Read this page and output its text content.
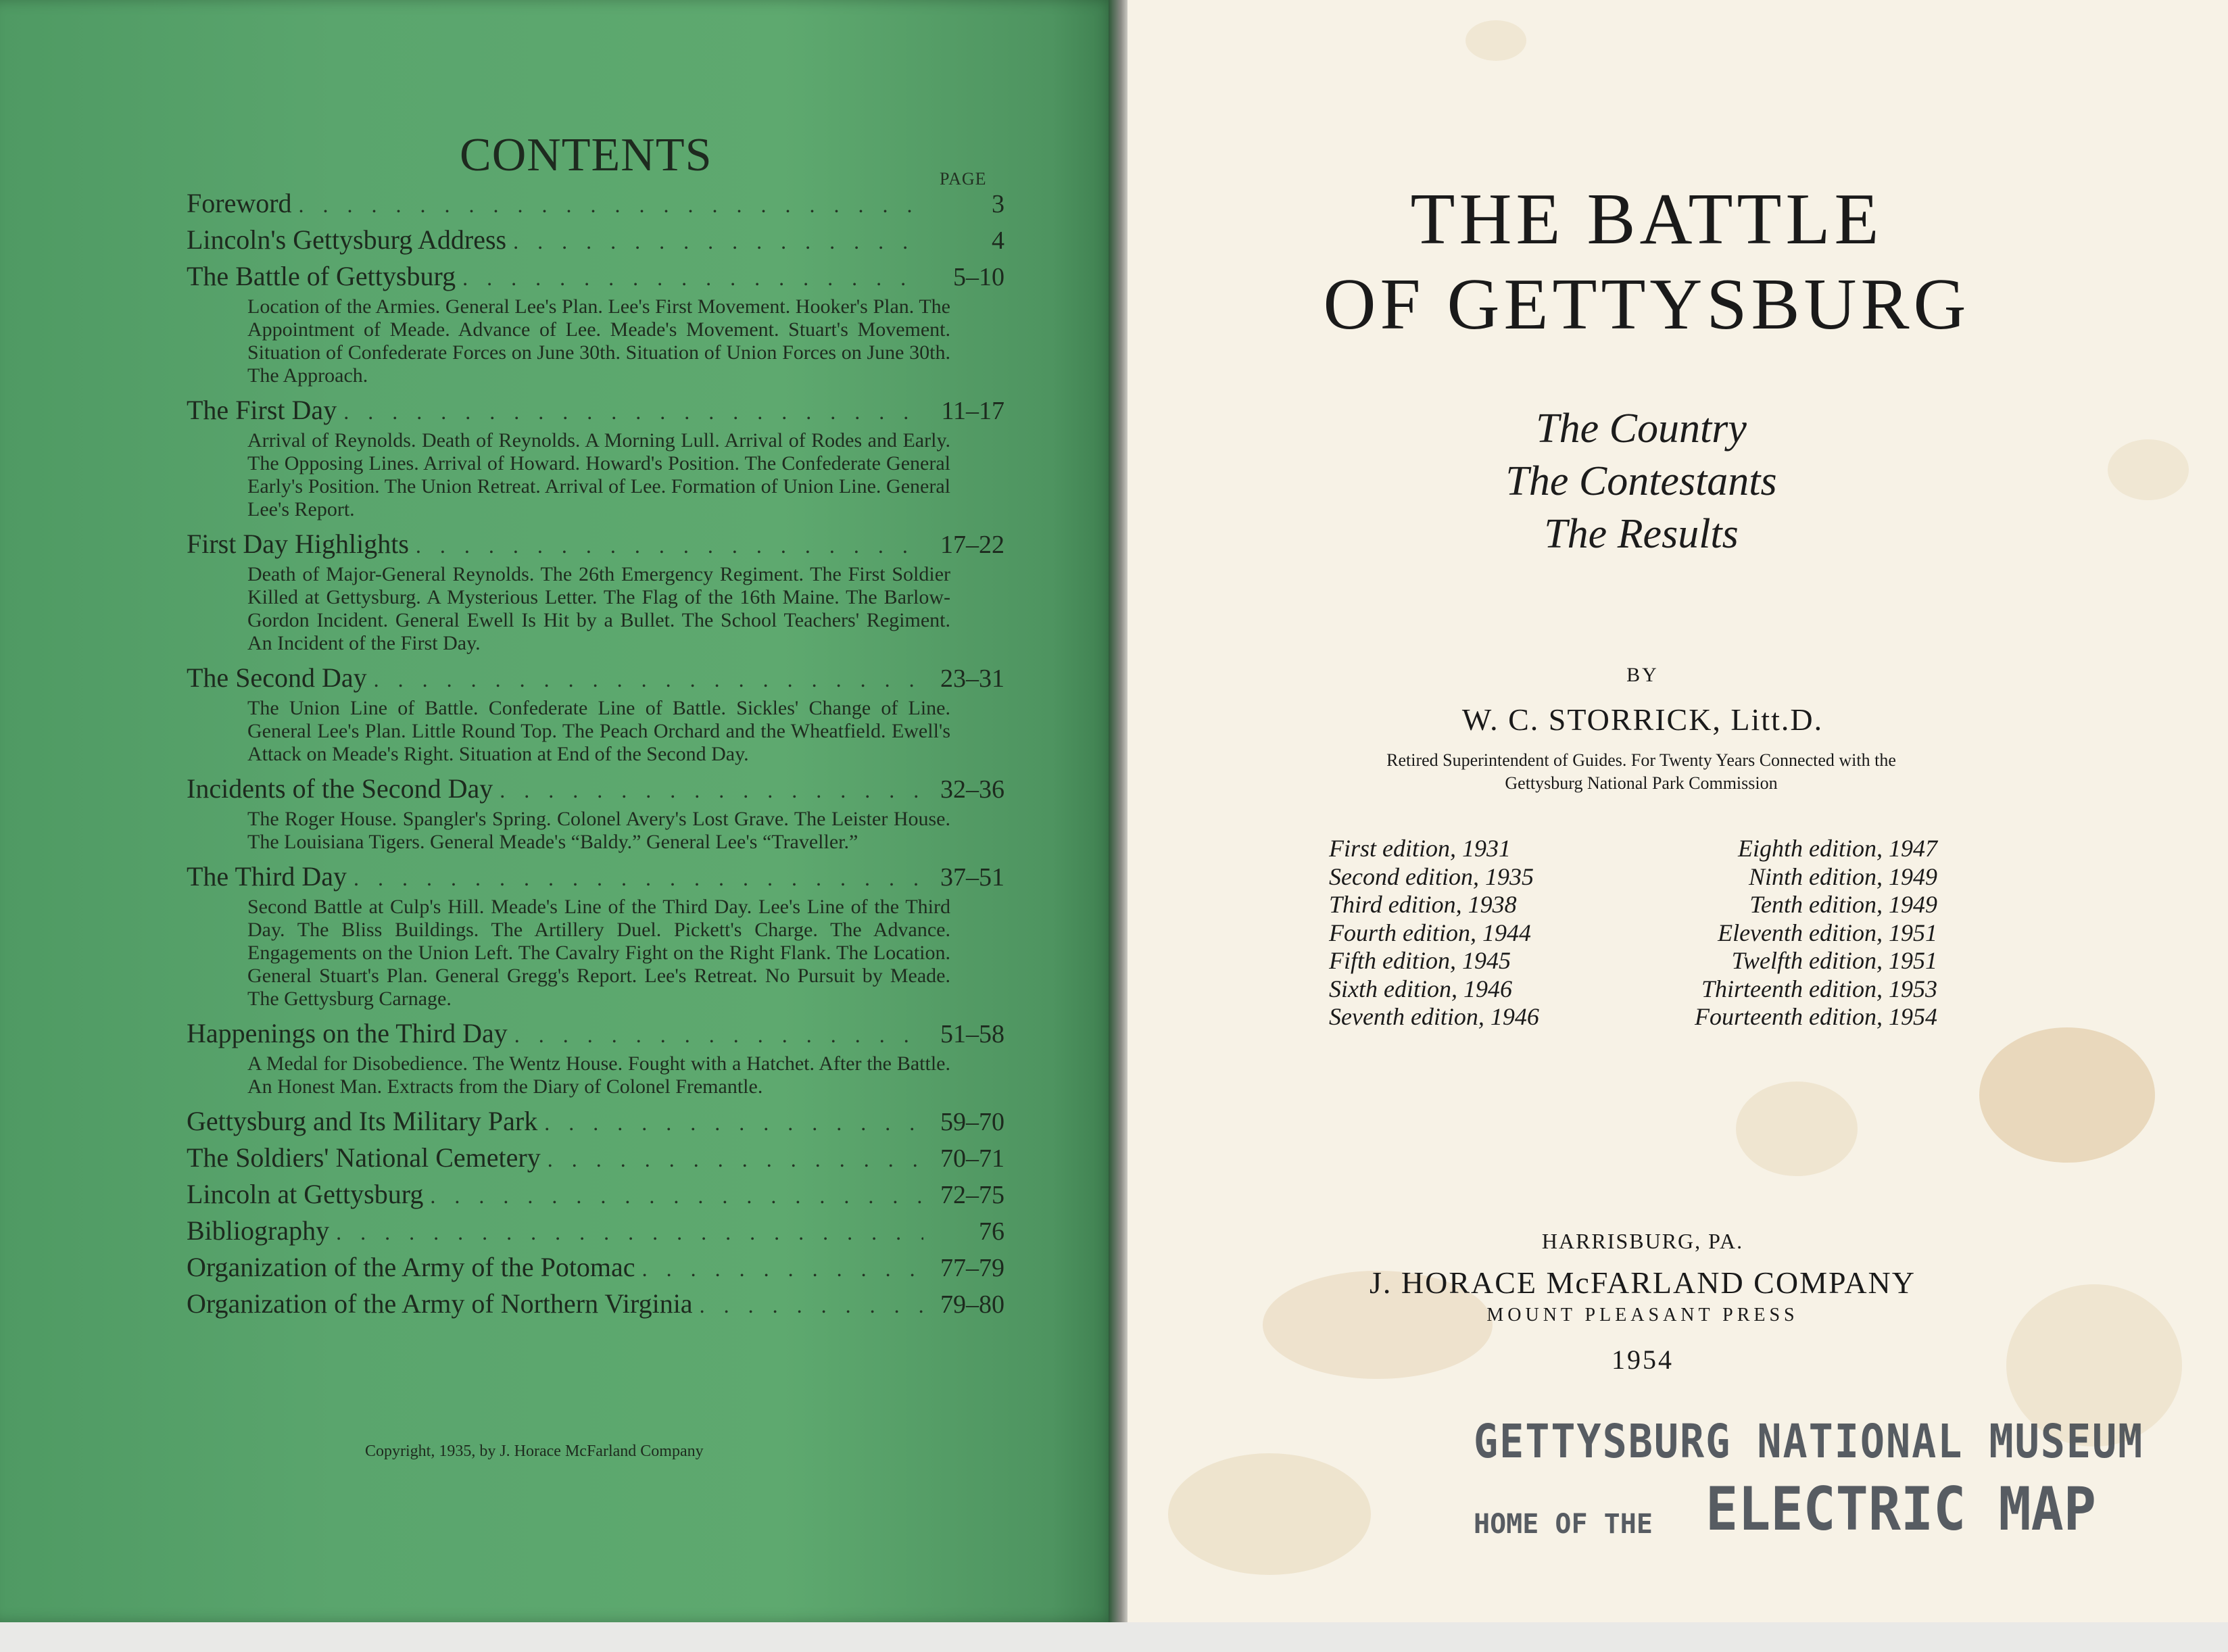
CONTENTS	PAGE
Foreword . . .	3
Lincoln's Gettysburg Address . . .	4
The Battle of Gettysburg . . .	5–10
Location of the Armies. General Lee's Plan. Lee's First Movement. Hooker's Plan. The Appointment of Meade. Advance of Lee. Meade's Movement. Stuart's Movement. Situation of Confederate Forces on June 30th. Situation of Union Forces on June 30th. The Approach.
The First Day . . .	11–17
Arrival of Reynolds. Death of Reynolds. A Morning Lull. Arrival of Rodes and Early. The Opposing Lines. Arrival of Howard. Howard's Position. The Confederate General Early's Position. The Union Retreat. Arrival of Lee. Formation of Union Line. General Lee's Report.
First Day Highlights . . .	17–22
Death of Major-General Reynolds. The 26th Emergency Regiment. The First Soldier Killed at Gettysburg. A Mysterious Letter. The Flag of the 16th Maine. The Barlow-Gordon Incident. General Ewell Is Hit by a Bullet. The School Teachers' Regiment. An Incident of the First Day.
The Second Day . . .	23–31
The Union Line of Battle. Confederate Line of Battle. Sickles' Change of Line. General Lee's Plan. Little Round Top. The Peach Orchard and the Wheatfield. Ewell's Attack on Meade's Right. Situation at End of the Second Day.
Incidents of the Second Day . . .	32–36
The Roger House. Spangler's Spring. Colonel Avery's Lost Grave. The Leister House. The Louisiana Tigers. General Meade's “Baldy.” General Lee's “Traveller.”
The Third Day . . .	37–51
Second Battle at Culp's Hill. Meade's Line of the Third Day. Lee's Line of the Third Day. The Bliss Buildings. The Artillery Duel. Pickett's Charge. The Advance. Engagements on the Union Left. The Cavalry Fight on the Right Flank. The Location. General Stuart's Plan. General Gregg's Report. Lee's Retreat. No Pursuit by Meade. The Gettysburg Carnage.
Happenings on the Third Day . . .	51–58
A Medal for Disobedience. The Wentz House. Fought with a Hatchet. After the Battle. An Honest Man. Extracts from the Diary of Colonel Fremantle.
Gettysburg and Its Military Park . . .	59–70
The Soldiers' National Cemetery . . .	70–71
Lincoln at Gettysburg . . .	72–75
Bibliography . . .	76
Organization of the Army of the Potomac . . .	77–79
Organization of the Army of Northern Virginia . . .	79–80
Copyright, 1935, by J. Horace McFarland Company
THE BATTLE
OF GETTYSBURG
The Country
The Contestants
The Results
BY
W. C. STORRICK, Litt.D.
Retired Superintendent of Guides. For Twenty Years Connected with the
Gettysburg National Park Commission
First edition, 1931
Second edition, 1935
Third edition, 1938
Fourth edition, 1944
Fifth edition, 1945
Sixth edition, 1946
Seventh edition, 1946
Eighth edition, 1947
Ninth edition, 1949
Tenth edition, 1949
Eleventh edition, 1951
Twelfth edition, 1951
Thirteenth edition, 1953
Fourteenth edition, 1954
HARRISBURG, PA.
J. HORACE McFARLAND COMPANY
MOUNT PLEASANT PRESS
1954
GETTYSBURG NATIONAL MUSEUM
HOME OF THE ELECTRIC MAP
